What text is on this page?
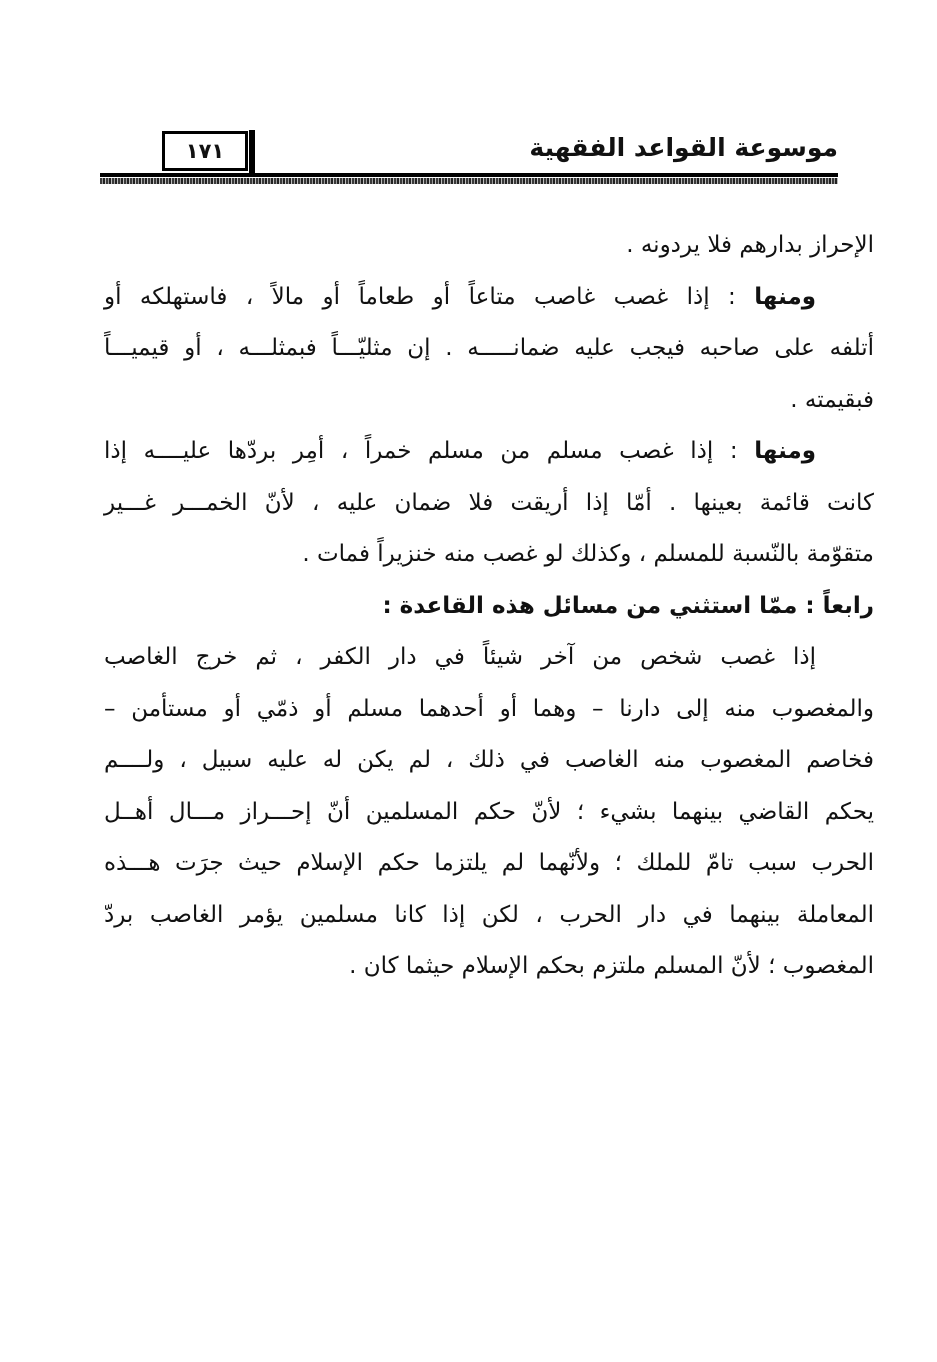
موسوعة القواعد الفقهية
١٧١
الإحراز بدارهم فلا يردونه .
ومنها : إذا غصب غاصب متاعاً أو طعاماً أو مالاً ، فاستهلكه أو
أتلفه على صاحبه فيجب عليه ضمانـــــه . إن مثليّـــاً فبمثلـــه ، أو قيميـــاً
فبقيمته .
ومنها : إذا غصب مسلم من مسلم خمراً ، أمِر بردّها عليــــه إذا
كانت قائمة بعينها . أمّا إذا أريقت فلا ضمان عليه ، لأنّ الخمـــر غـــير
متقوّمة بالنّسبة للمسلم ، وكذلك لو غصب منه خنزيراً فمات .
رابعاً : ممّا استثني من مسائل هذه القاعدة :
إذا غصب شخص من آخر شيئاً في دار الكفر ، ثم خرج الغاصب
والمغصوب منه إلى دارنا – وهما أو أحدهما مسلم أو ذمّي أو مستأمن –
فخاصم المغصوب منه الغاصب في ذلك ، لم يكن له عليه سبيل ، ولــــم
يحكم القاضي بينهما بشيء ؛ لأنّ حكم المسلمين أنّ إحـــراز مـــال أهــل
الحرب سبب تامّ للملك ؛ ولأنّهما لم يلتزما حكم الإسلام حيث جرَت هـــذه
المعاملة بينهما في دار الحرب ، لكن إذا كانا مسلمين يؤمر الغاصب بردّ
المغصوب ؛ لأنّ المسلم ملتزم بحكم الإسلام حيثما كان .
